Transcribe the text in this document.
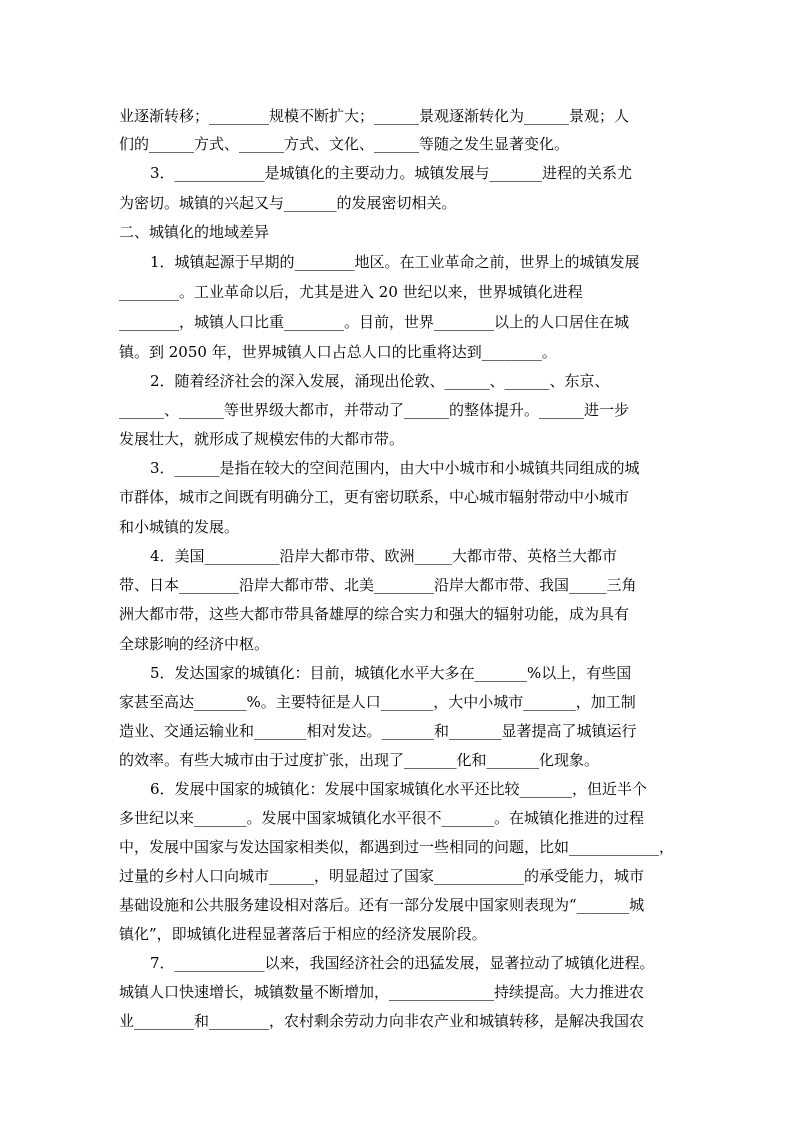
业逐渐转移；________规模不断扩大；______景观逐渐转化为______景观；人
们的______方式、______方式、文化、______等随之发生显著变化。
3．____________是城镇化的主要动力。城镇发展与_______进程的关系尤
为密切。城镇的兴起又与_______的发展密切相关。
二、城镇化的地域差异
1．城镇起源于早期的________地区。在工业革命之前，世界上的城镇发展
________。工业革命以后，尤其是进入 20 世纪以来，世界城镇化进程
________，城镇人口比重________。目前，世界________以上的人口居住在城
镇。到 2050 年，世界城镇人口占总人口的比重将达到________。
2．随着经济社会的深入发展，涌现出伦敦、______、______、东京、
______、______等世界级大都市，并带动了______的整体提升。______进一步
发展壮大，就形成了规模宏伟的大都市带。
3．______是指在较大的空间范围内，由大中小城市和小城镇共同组成的城
市群体，城市之间既有明确分工，更有密切联系，中心城市辐射带动中小城市
和小城镇的发展。
4．美国__________沿岸大都市带、欧洲_____大都市带、英格兰大都市
带、日本________沿岸大都市带、北美________沿岸大都市带、我国_____三角
洲大都市带，这些大都市带具备雄厚的综合实力和强大的辐射功能，成为具有
全球影响的经济中枢。
5．发达国家的城镇化：目前，城镇化水平大多在_______%以上，有些国
家甚至高达_______%。主要特征是人口_______，大中小城市_______，加工制
造业、交通运输业和_______相对发达。_______和_______显著提高了城镇运行
的效率。有些大城市由于过度扩张，出现了_______化和_______化现象。
6．发展中国家的城镇化：发展中国家城镇化水平还比较_______，但近半个
多世纪以来_______。发展中国家城镇化水平很不_______。在城镇化推进的过程
中，发展中国家与发达国家相类似，都遇到过一些相同的问题，比如____________，
过量的乡村人口向城市______，明显超过了国家____________的承受能力，城市
基础设施和公共服务建设相对落后。还有一部分发展中国家则表现为“_______城
镇化”，即城镇化进程显著落后于相应的经济发展阶段。
7．____________以来，我国经济社会的迅猛发展，显著拉动了城镇化进程。
城镇人口快速增长，城镇数量不断增加，______________持续提高。大力推进农
业________和________，农村剩余劳动力向非农产业和城镇转移，是解决我国农
